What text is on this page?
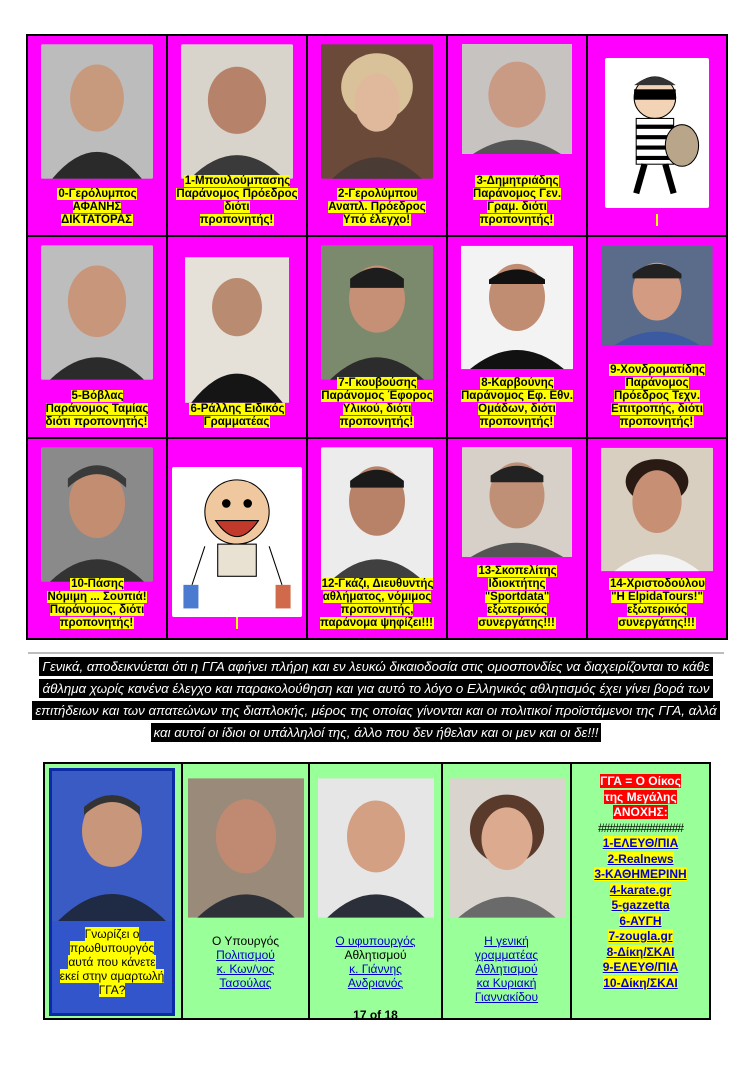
0-Γερόλυμπος
ΑΦΑΝΗΣ
ΔΙΚΤΑΤΟΡΑΣ
1-Μπουλούμπασης
Παράνομος Πρόεδρος διότι
προπονητής!
2-Γερολύμπου
Αναπλ. Πρόεδρος
Υπό έλεγχο!
3-Δημητριάδης
Παράνομος Γεν.
Γραμ. διότι
προπονητής!
5-Βόβλας
Παράνομος Ταμίας
διότι προπονητής!
6-Ράλλης Ειδικός
Γραμματέας
7-Γκουβούσης
Παράνομος Έφορος
Υλικού, διότι
προπονητής!
8-Καρβούνης
Παράνομος Εφ. Εθν.
Ομάδων, διότι
προπονητής!
9-Χονδροματίδης
Παράνομος
Πρόεδρος Τεχν.
Επιτροπής, διότι
προπονητής!
10-Πάσης
Νόμιμη ... Σουπιά!
Παράνομος, διότι
προπονητής!
12-Γκάζι, Διευθυντής
αθλήματος, νόμιμος
προπονητής,
παράνομα ψηφίζει!!!
13-Σκοπελίτης
Ιδιοκτήτης
"Sportdata"
εξωτερικός
συνεργάτης!!!
14-Χριστοδούλου
"Η ElpidaTours!"
εξωτερικός
συνεργάτης!!!
Γενικά, αποδεικνύεται ότι η ΓΓΑ αφήνει πλήρη και εν λευκώ δικαιοδοσία στις ομοσπονδίες να διαχειρίζονται το κάθε άθλημα χωρίς κανένα έλεγχο και παρακολούθηση και για αυτό το λόγο ο Ελληνικός αθλητισμός έχει γίνει βορά των επιτήδειων και των απατεώνων της διαπλοκής, μέρος της οποίας γίνονται και οι πολιτικοί προϊστάμενοι της ΓΓΑ, αλλά και αυτοί οι ίδιοι οι υπάλληλοί της, άλλο που δεν ήθελαν και οι μεν και οι δε!!!
Γνωρίζει ο πρωθυπουργός αυτά που κάνετε εκεί στην αμαρτωλή ΓΓΑ?
Ο Υπουργός
Πολιτισμού
κ. Κων/νος
Τασούλας
Ο υφυπουργός
Αθλητισμού
κ. Γιάννης
Ανδριανός
17 of 18
Η γενική
γραμματέας
Αθλητισμού
κα Κυριακή
Γιαννακίδου
ΓΓΑ = Ο Οίκος
της Μεγάλης
ΑΝΟΧΗΣ:
###############
1-ΕΛΕΥΘ/ΠΙΑ
2-Realnews
3-ΚΑΘΗΜΕΡΙΝΗ
4-karate.gr
5-gazzetta
6-ΑΥΓΗ
7-zougla.gr
8-Δίκη/ΣΚΑΙ
9-ΕΛΕΥΘ/ΠΙΑ
10-Δίκη/ΣΚΑΙ
